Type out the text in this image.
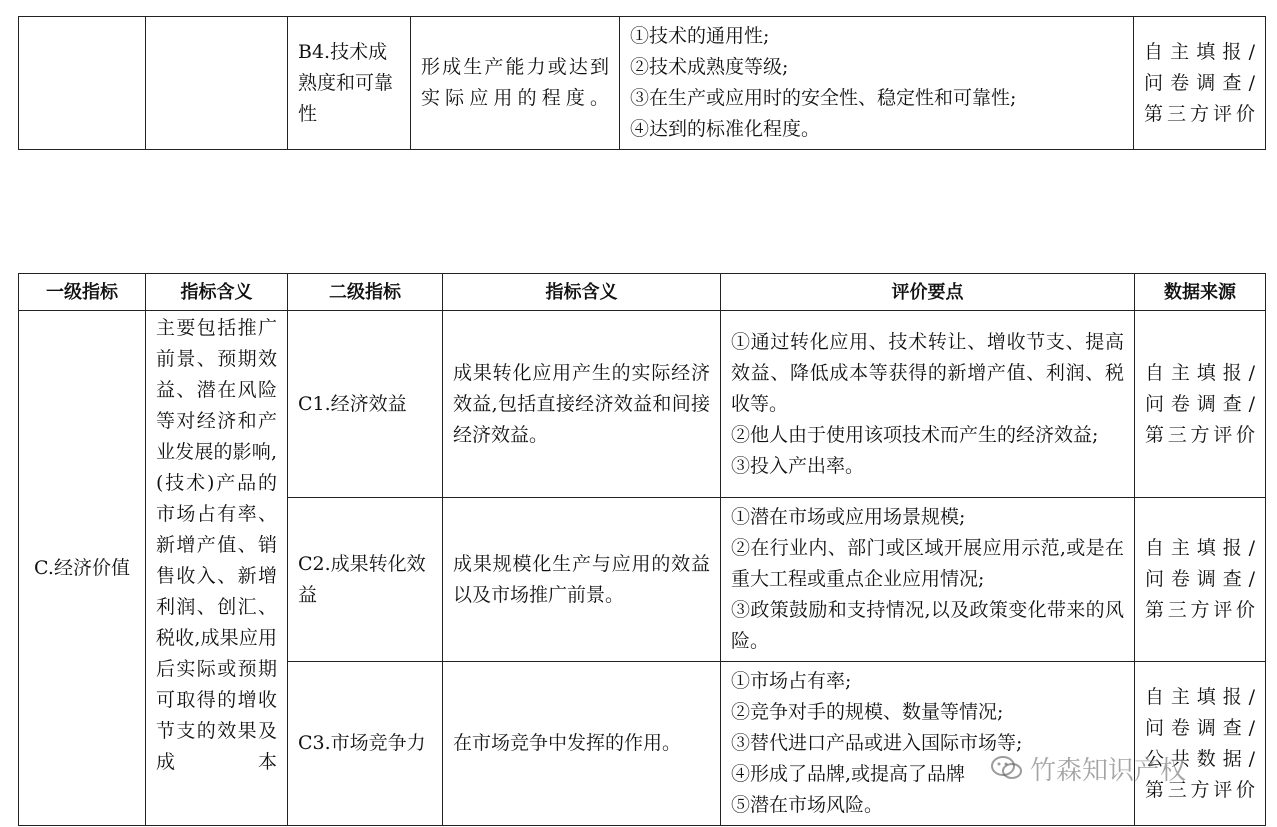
		B4.技术成熟度和可靠性	形成生产能力或达到实际应用的程度。	
①技术的通用性;
②技术成熟度等级;
③在生产或应用时的安全性、稳定性和可靠性;
④达到的标准化程度。

自主填报/
问卷调查/
第三方评价
一级指标	指标含义	二级指标	指标含义	评价要点	数据来源
C.经济价值	主要包括推广前景、预期效益、潜在风险等对经济和产业发展的影响,(技术)产品的市场占有率、新增产值、销售收入、新增利润、创汇、税收,成果应用后实际或预期可取得的增收节支的效果及成本	C1.经济效益	成果转化应用产生的实际经济效益,包括直接经济效益和间接经济效益。	①通过转化应用、技术转让、增收节支、提高效益、降低成本等获得的新增产值、利润、税收等。
②他人由于使用该项技术而产生的经济效益;
③投入产出率。	自主填报/
问卷调查/
第三方评价

		C2.成果转化效益	成果规模化生产与应用的效益以及市场推广前景。	①潜在市场或应用场景规模;
②在行业内、部门或区域开展应用示范,或是在重大工程或重点企业应用情况;
③政策鼓励和支持情况,以及政策变化带来的风险。	自主填报/
问卷调查/
第三方评价

		C3.市场竞争力	在市场竞争中发挥的作用。	①市场占有率;
②竞争对手的规模、数量等情况;
③替代进口产品或进入国际市场等;
④形成了品牌,或提高了品牌
⑤潜在市场风险。	自主填报/
问卷调查/
公共数据/
第三方评价
竹森知识产权
